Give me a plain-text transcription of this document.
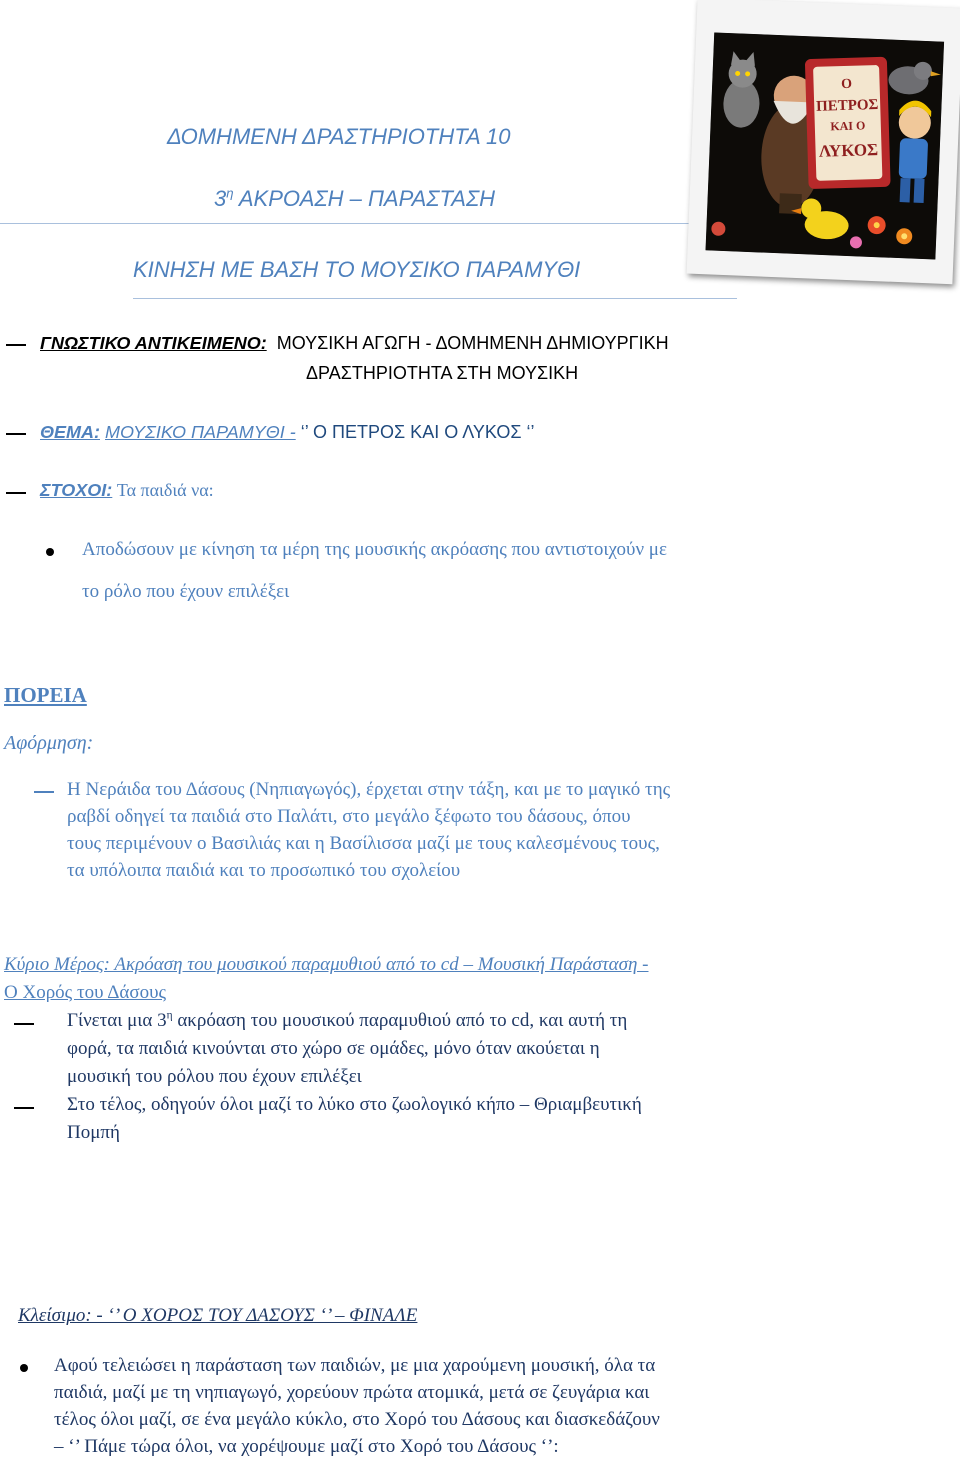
ΔΟΜΗΜΕΝΗ ΔΡΑΣΤΗΡΙΟΤΗΤΑ 10
$3^\eta$ ΑΚΡΟΑΣΗ – ΠΑΡΑΣΤΑΣΗ
ΚΙΝΗΣΗ ΜΕ ΒΑΣΗ ΤΟ ΜΟΥΣΙΚΟ ΠΑΡΑΜΥΘΙ
Ο
ΠΕΤΡΟΣ
ΚΑΙ Ο
ΛΥΚΟΣ
ΓΝΩΣΤΙΚΟ ΑΝΤΙΚΕΙΜΕΝΟ: ΜΟΥΣΙΚΗ ΑΓΩΓΗ - ΔΟΜΗΜΕΝΗ ΔΗΜΙΟΥΡΓΙΚΗ
ΔΡΑΣΤΗΡΙΟΤΗΤΑ ΣΤΗ ΜΟΥΣΙΚΗ
ΘΕΜΑ: ΜΟΥΣΙΚΟ ΠΑΡΑΜΥΘΙ - ‘’ Ο ΠΕΤΡΟΣ ΚΑΙ Ο ΛΥΚΟΣ ‘’
ΣΤΟΧΟΙ: Τα παιδιά να:
Αποδώσουν με κίνηση τα μέρη της μουσικής ακρόασης που αντιστοιχούν με
το ρόλο που έχουν επιλέξει
ΠΟΡΕΙΑ
Αφόρμηση:
Η Νεράιδα του Δάσους (Νηπιαγωγός), έρχεται στην τάξη, και με το μαγικό της
ραβδί οδηγεί τα παιδιά στο Παλάτι, στο μεγάλο ξέφωτο του δάσους, όπου
τους περιμένουν ο Βασιλιάς και η Βασίλισσα μαζί με τους καλεσμένους τους,
τα υπόλοιπα παιδιά και το προσωπικό του σχολείου
Κύριο Μέρος: Ακρόαση του μουσικού παραμυθιού από το cd – Μουσική Παράσταση -
Ο Χορός του Δάσους
Γίνεται μια $3^\eta$ ακρόαση του μουσικού παραμυθιού από το cd, και αυτή τη
φορά, τα παιδιά κινούνται στο χώρο σε ομάδες, μόνο όταν ακούεται η
μουσική του ρόλου που έχουν επιλέξει
Στο τέλος, οδηγούν όλοι μαζί το λύκο στο ζωολογικό κήπο – Θριαμβευτική
Πομπή
Κλείσιμο: - ‘’ Ο ΧΟΡΟΣ ΤΟΥ ΔΑΣΟΥΣ ‘’ – ΦΙΝΑΛΕ
Αφού τελειώσει η παράσταση των παιδιών, με μια χαρούμενη μουσική, όλα τα
παιδιά, μαζί με τη νηπιαγωγό, χορεύουν πρώτα ατομικά, μετά σε ζευγάρια και
τέλος όλοι μαζί, σε ένα μεγάλο κύκλο, στο Χορό του Δάσους και διασκεδάζουν
– ‘’ Πάμε τώρα όλοι, να χορέψουμε μαζί στο Χορό του Δάσους ‘’:
